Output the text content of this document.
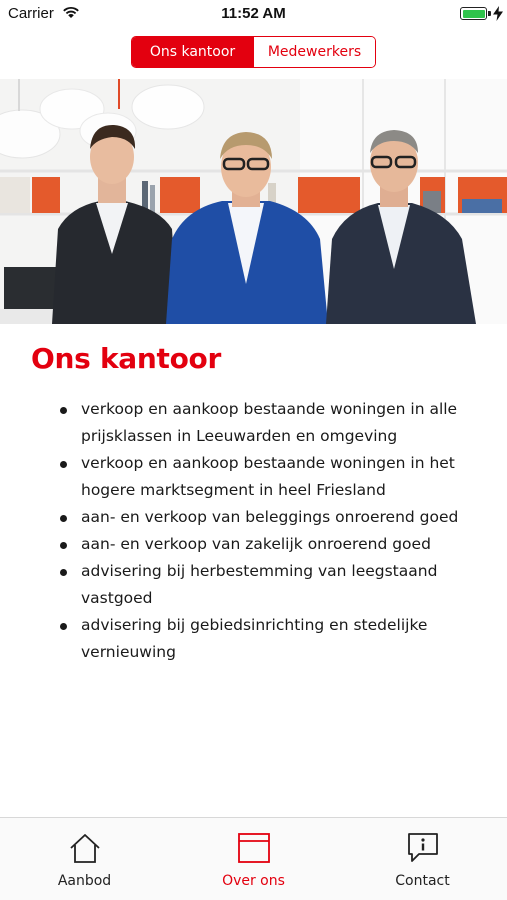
Carrier	11:52 AM
Ons kantoor	Medewerkers
Ons kantoor
verkoop en aankoop bestaande woningen in alle prijsklassen in Leeuwarden en omgeving
verkoop en aankoop bestaande woningen in het hogere marktsegment in heel Friesland
aan- en verkoop van beleggings onroerend goed
aan- en verkoop van zakelijk onroerend goed
advisering bij herbestemming van leegstaand vastgoed
advisering bij gebiedsinrichting en stedelijke vernieuwing
Aanbod	Over ons	Contact
